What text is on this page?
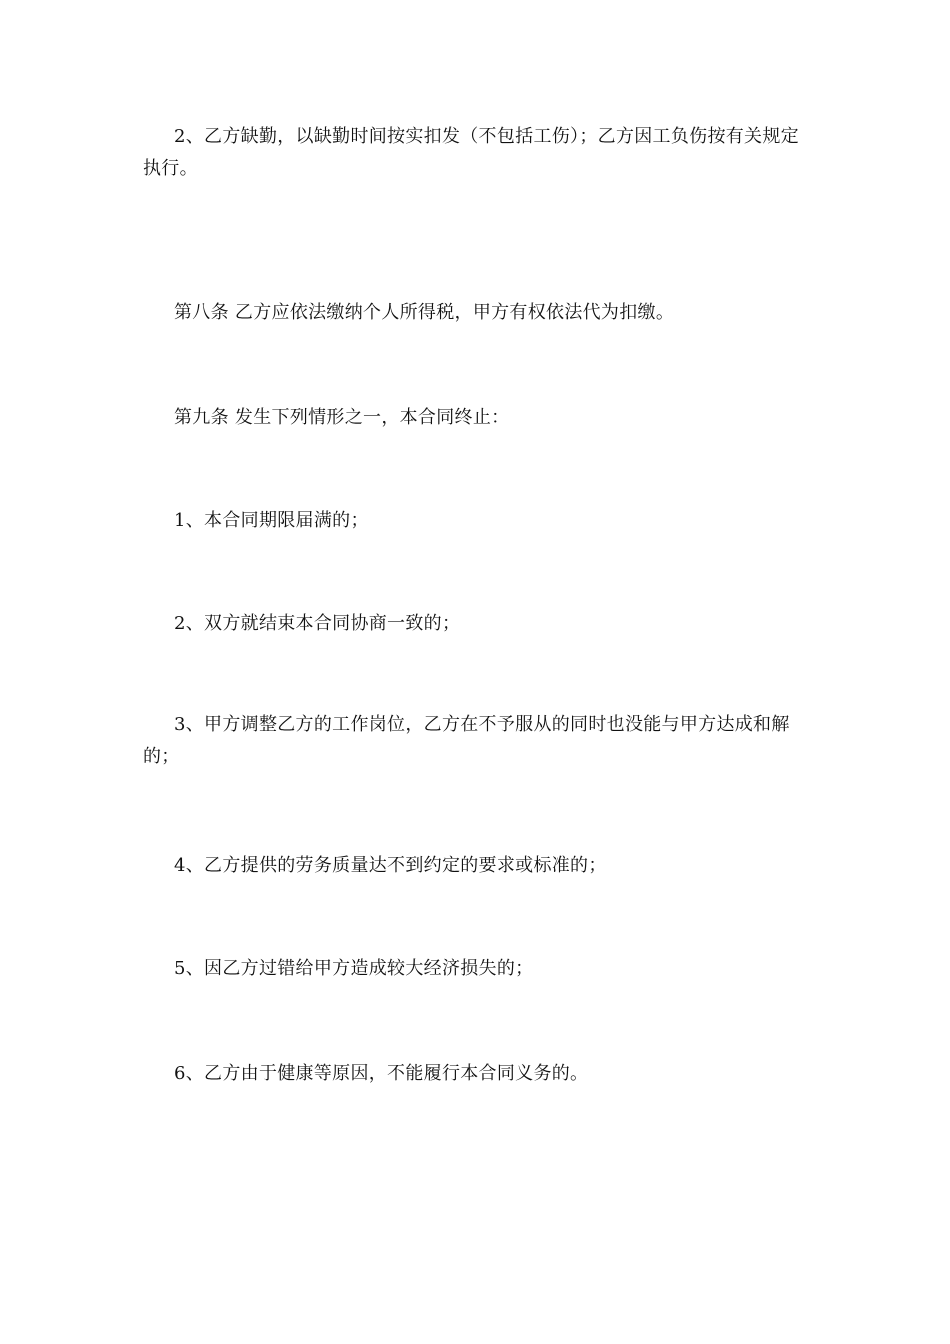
2、乙方缺勤，以缺勤时间按实扣发（不包括工伤）；乙方因工负伤按有关规定执行。

第八条 乙方应依法缴纳个人所得税，甲方有权依法代为扣缴。

第九条 发生下列情形之一，本合同终止：

1、本合同期限届满的；

2、双方就结束本合同协商一致的；

3、甲方调整乙方的工作岗位，乙方在不予服从的同时也没能与甲方达成和解的；

4、乙方提供的劳务质量达不到约定的要求或标准的；

5、因乙方过错给甲方造成较大经济损失的；

6、乙方由于健康等原因，不能履行本合同义务的。
